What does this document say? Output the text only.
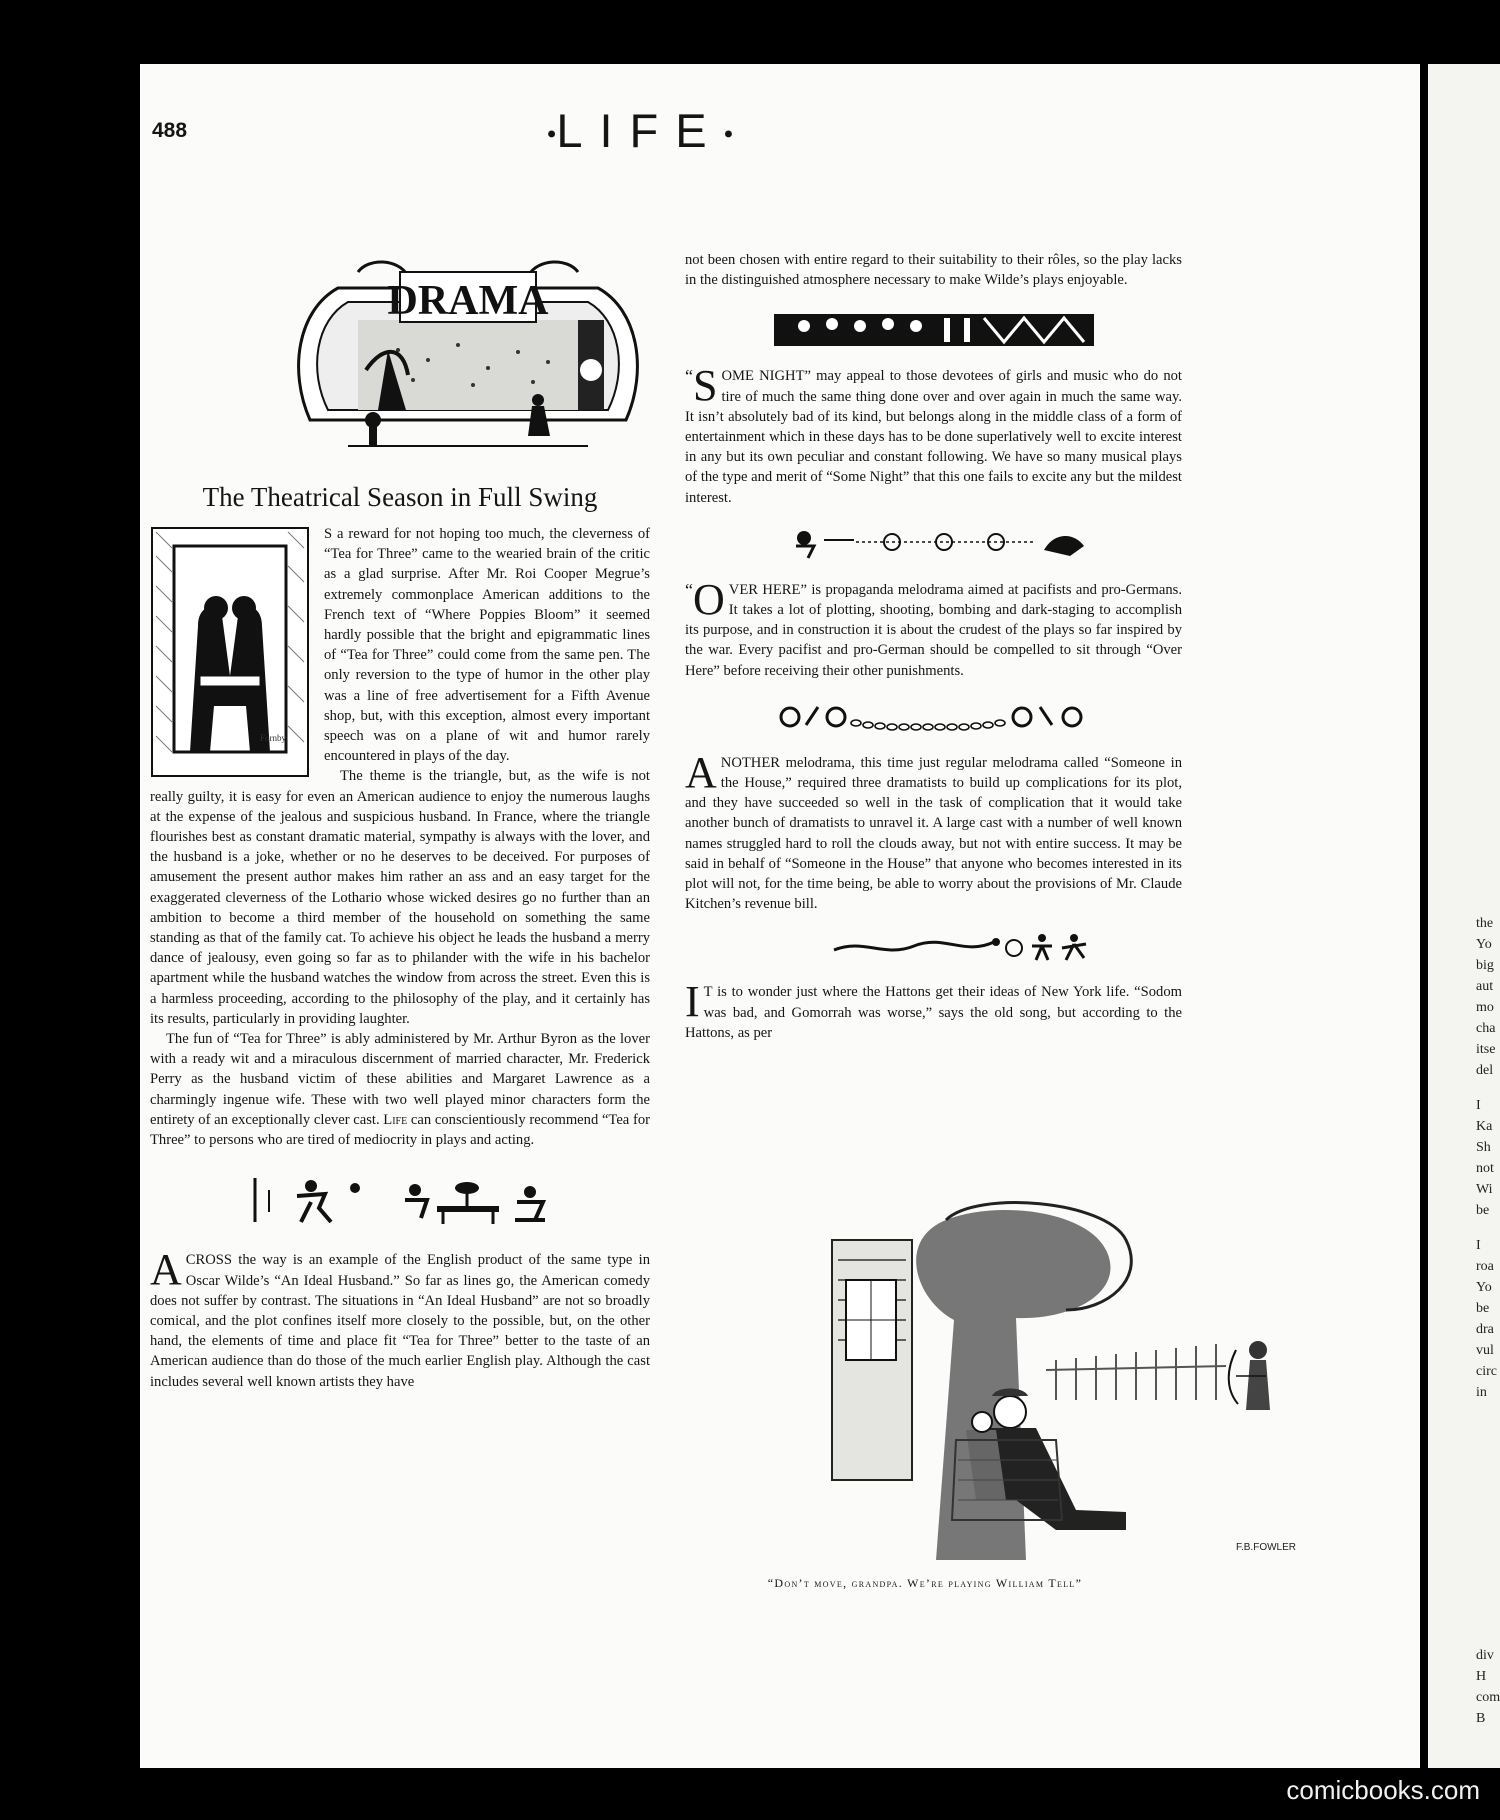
the
Yo
big
aut
mo
cha
itse
del
I
Ka
Sh
not
Wi
be
I
roa
Yo
be
dra
vul
circ
in
div
H
com
B
488	●LIFE●
DRAMA
The Theatrical Season in Full Swing
Fornby

S a reward for not hoping too much, the cleverness of “Tea for Three” came to the wearied brain of the critic as a glad surprise. After Mr. Roi Cooper Megrue’s extremely commonplace American additions to the French text of “Where Poppies Bloom” it seemed hardly possible that the bright and epigrammatic lines of “Tea for Three” could come from the same pen. The only reversion to the type of humor in the other play was a line of free advertisement for a Fifth Avenue shop, but, with this exception, almost every important speech was on a plane of wit and humor rarely encountered in plays of the day.

The theme is the triangle, but, as the wife is not really guilty, it is easy for even an American audience to enjoy the numerous laughs at the expense of the jealous and suspicious husband. In France, where the triangle flourishes best as constant dramatic material, sympathy is always with the lover, and the husband is a joke, whether or no he deserves to be deceived. For purposes of amusement the present author makes him rather an ass and an easy target for the exaggerated cleverness of the Lothario whose wicked desires go no further than an ambition to become a third member of the household on something the same standing as that of the family cat. To achieve his object he leads the husband a merry dance of jealousy, even going so far as to philander with the wife in his bachelor apartment while the husband watches the window from across the street. Even this is a harmless proceeding, according to the philosophy of the play, and it certainly has its results, particularly in providing laughter.

The fun of “Tea for Three” is ably administered by Mr. Arthur Byron as the lover with a ready wit and a miraculous discernment of married character, Mr. Frederick Perry as the husband victim of these abilities and Margaret Lawrence as a charmingly ingenue wife. These with two well played minor characters form the entirety of an exceptionally clever cast. Life can conscientiously recommend “Tea for Three” to persons who are tired of mediocrity in plays and acting.

ACROSS the way is an example of the English product of the same type in Oscar Wilde’s “An Ideal Husband.” So far as lines go, the American comedy does not suffer by contrast. The situations in “An Ideal Husband” are not so broadly comical, and the plot confines itself more closely to the possible, but, on the other hand, the elements of time and place fit “Tea for Three” better to the taste of an American audience than do those of the much earlier English play. Although the cast includes several well known artists they have

not been chosen with entire regard to their suitability to their rôles, so the play lacks in the distinguished atmosphere necessary to make Wilde’s plays enjoyable.

“ S OME NIGHT” may appeal to those devotees of girls and music who do not tire of much the same thing done over and over again in much the same way. It isn’t absolutely bad of its kind, but belongs along in the middle class of a form of entertainment which in these days has to be done superlatively well to excite interest in any but its own peculiar and constant following. We have so many musical plays of the type and merit of “Some Night” that this one fails to excite any but the mildest interest.

“ O VER HERE” is propaganda melodrama aimed at pacifists and pro-Germans. It takes a lot of plotting, shooting, bombing and dark-staging to accomplish its purpose, and in construction it is about the crudest of the plays so far inspired by the war. Every pacifist and pro-German should be compelled to sit through “Over Here” before receiving their other punishments.

ANOTHER melodrama, this time just regular melodrama called “Someone in the House,” required three dramatists to build up complications for its plot, and they have succeeded so well in the task of complication that it would take another bunch of dramatists to unravel it. A large cast with a number of well known names struggled hard to roll the clouds away, but not with entire success. It may be said in behalf of “Someone in the House” that anyone who becomes interested in its plot will not, for the time being, be able to worry about the provisions of Mr. Claude Kitchen’s revenue bill.

I T is to wonder just where the Hattons get their ideas of New York life. “Sodom was bad, and Gomorrah was worse,” says the old song, but according to the Hattons, as per

F.B.FOWLER
“Don’t move, grandpa. We’re playing William Tell”
comicbooks.com
